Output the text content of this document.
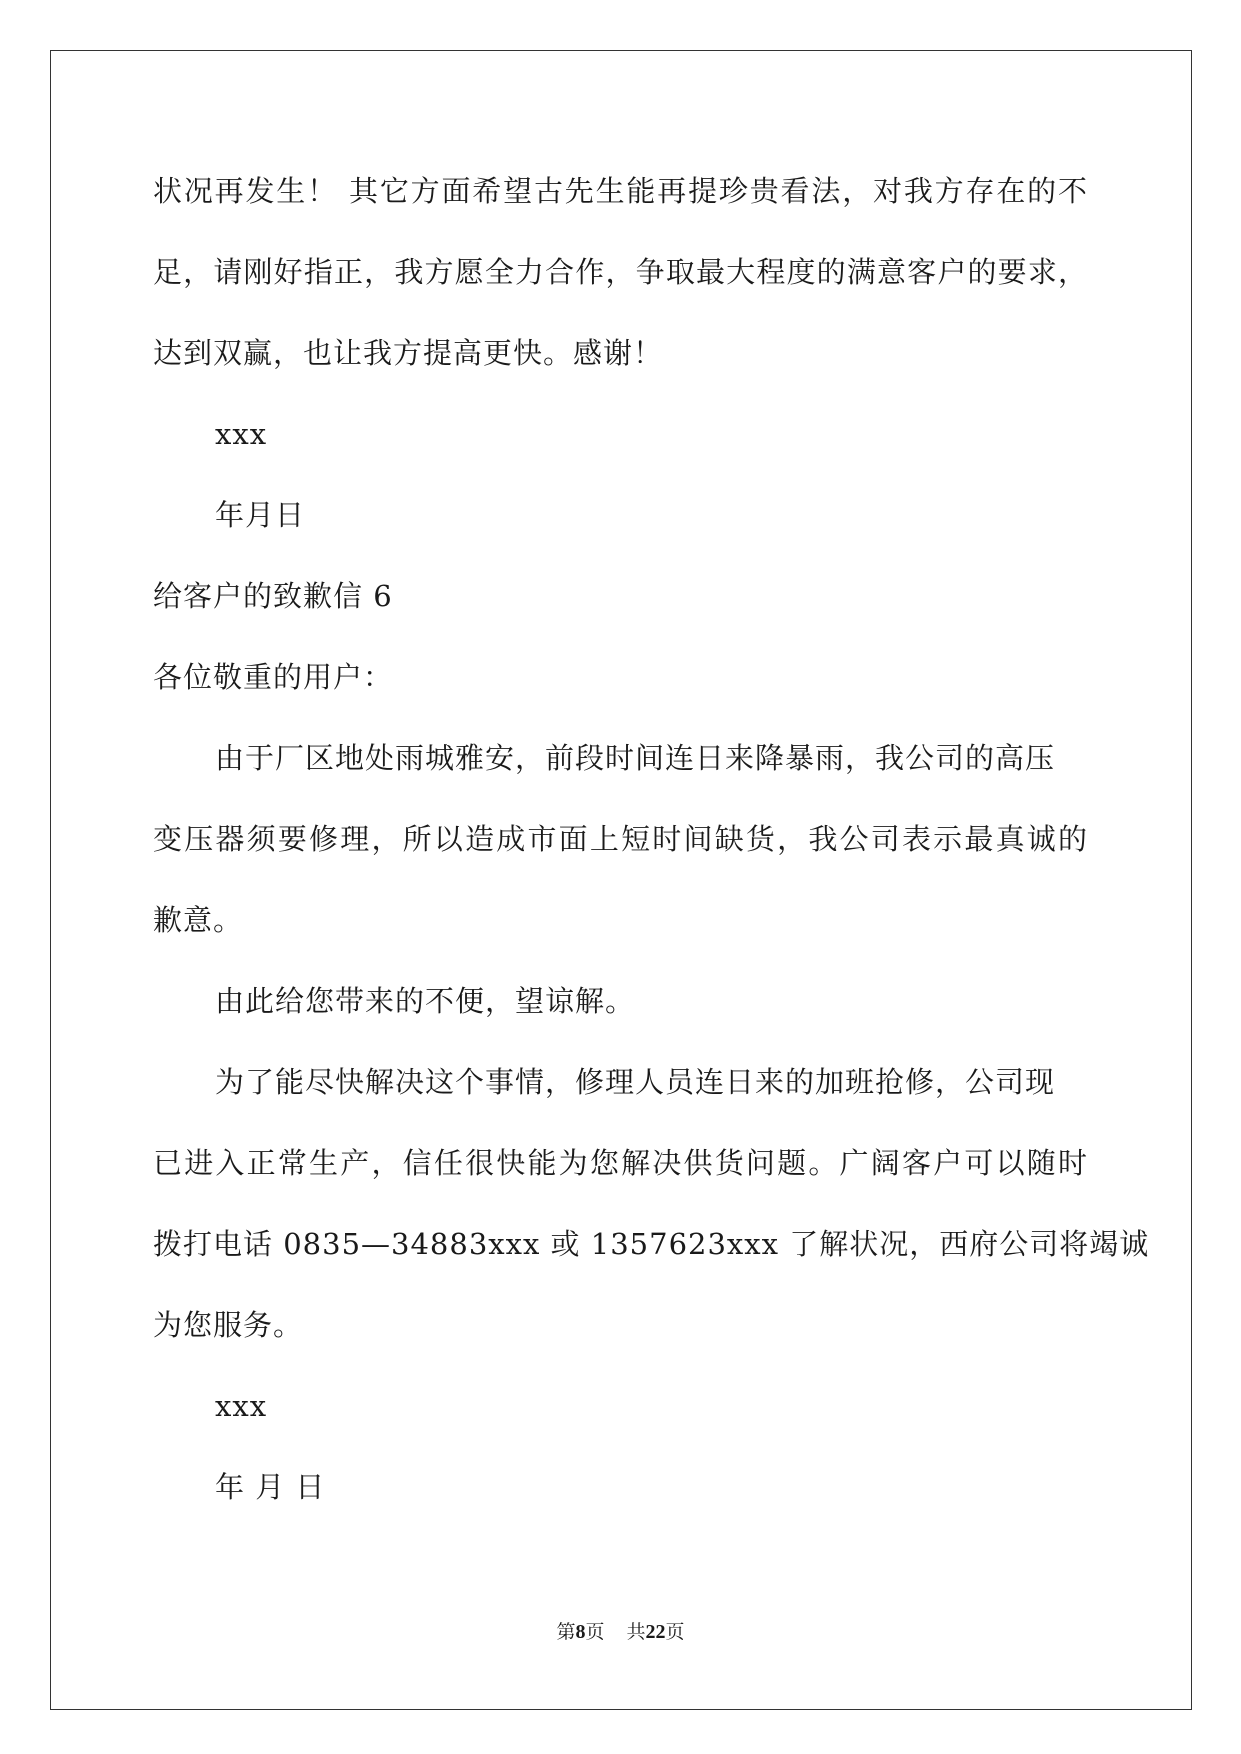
状况再发生！ 其它方面希望古先生能再提珍贵看法，对我方存在的不
足，请刚好指正，我方愿全力合作，争取最大程度的满意客户的要求，
达到双赢，也让我方提高更快。感谢！
xxx
年月日
给客户的致歉信 6
各位敬重的用户：
由于厂区地处雨城雅安，前段时间连日来降暴雨，我公司的高压
变压器须要修理，所以造成市面上短时间缺货，我公司表示最真诚的
歉意。
由此给您带来的不便，望谅解。
为了能尽快解决这个事情，修理人员连日来的加班抢修，公司现
已进入正常生产，信任很快能为您解决供货问题。广阔客户可以随时
拨打电话 0835—34883xxx 或 1357623xxx 了解状况，西府公司将竭诚
为您服务。
xxx
年 月 日
第8页 共22页
